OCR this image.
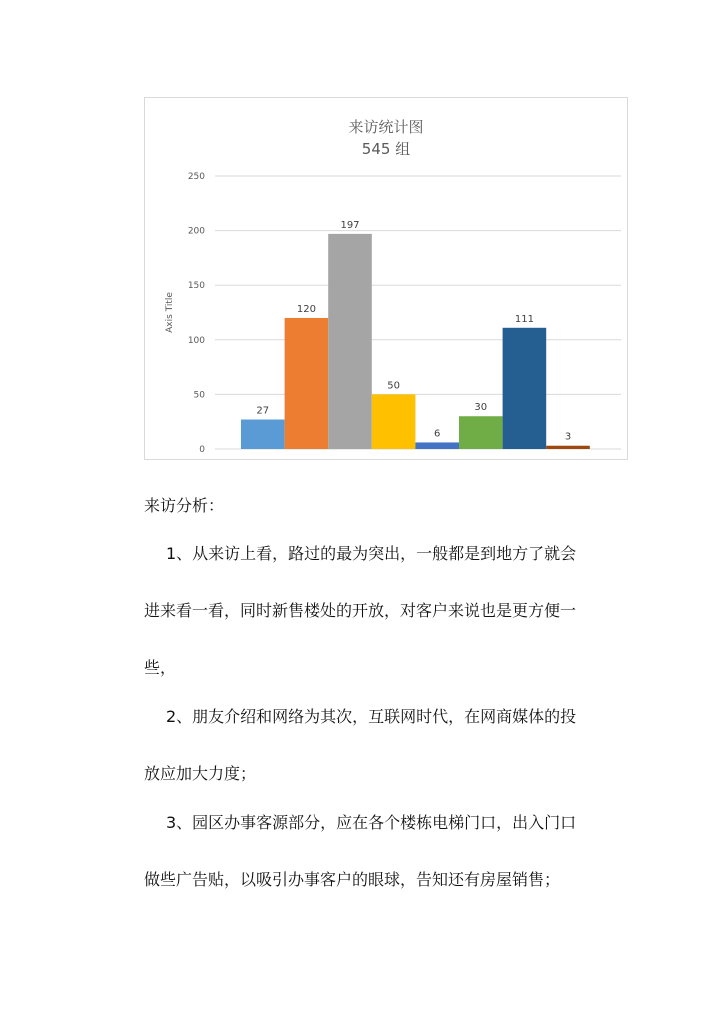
来访统计图
545 组
0
50
100
150
200
250
Axis Title
27
120
197
50
6
30
111
3
来访分析：
1、从来访上看，路过的最为突出，一般都是到地方了就会
进来看一看，同时新售楼处的开放，对客户来说也是更方便一
些，
2、朋友介绍和网络为其次，互联网时代，在网商媒体的投
放应加大力度；
3、园区办事客源部分，应在各个楼栋电梯门口，出入门口
做些广告贴，以吸引办事客户的眼球，告知还有房屋销售；
